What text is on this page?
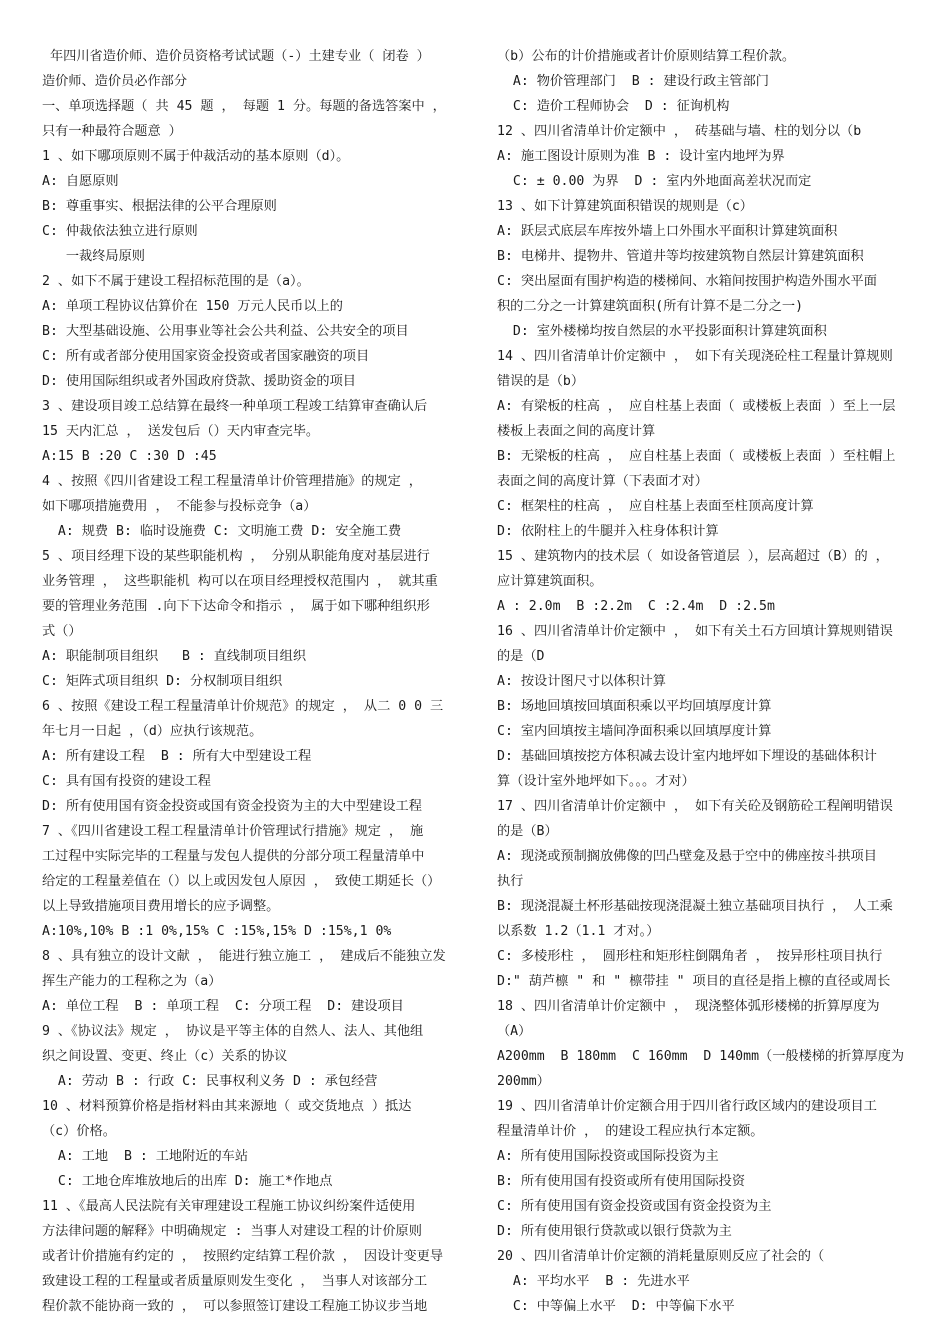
年四川省造价师、造价员资格考试试题（-）土建专业（ 闭卷 ）
造价师、造价员必作部分
一、单项选择题（ 共 45 题 ， 每题 1 分。每题的备选答案中 ，
只有一种最符合题意 ）
1 、如下哪项原则不属于仲裁活动的基本原则（d）。
A: 自愿原则
B: 尊重事实、根据法律的公平合理原则
C: 仲裁依法独立进行原则
一裁终局原则
2 、如下不属于建设工程招标范围的是（a）。
A: 单项工程协议估算价在 150 万元人民币以上的
B: 大型基础设施、公用事业等社会公共利益、公共安全的项目
C: 所有或者部分使用国家资金投资或者国家融资的项目
D: 使用国际组织或者外国政府贷款、援助资金的项目
3 、建设项目竣工总结算在最终一种单项工程竣工结算审查确认后
15 天内汇总 ， 送发包后（）天内审查完毕。
A:15 B :20 C :30 D :45
4 、按照《四川省建设工程工程量清单计价管理措施》的规定 ，
如下哪项措施费用 ， 不能参与投标竞争（a）
A: 规费 B: 临时设施费 C: 文明施工费 D: 安全施工费
5 、项目经理下设的某些职能机构 ， 分别从职能角度对基层进行
业务管理 ， 这些职能机 构可以在项目经理授权范围内 ， 就其重
要的管理业务范围 .向下下达命令和指示 ， 属于如下哪种组织形
式（）
A: 职能制项目组织   B : 直线制项目组织
C: 矩阵式项目组织 D: 分权制项目组织
6 、按照《建设工程工程量清单计价规范》的规定 ， 从二 0 0 三
年七月一日起 ，（d）应执行该规范。
A: 所有建设工程  B : 所有大中型建设工程
C: 具有国有投资的建设工程
D: 所有使用国有资金投资或国有资金投资为主的大中型建设工程
7 、《四川省建设工程工程量清单计价管理试行措施》规定 ， 施
工过程中实际完毕的工程量与发包人提供的分部分项工程量清单中
给定的工程量差值在（）以上或因发包人原因 ， 致使工期延长（）
以上导致措施项目费用增长的应予调整。
A:10%,10% B :1 0%,15% C :15%,15% D :15%,1 0%
8 、具有独立的设计文献 ， 能进行独立施工 ， 建成后不能独立发
挥生产能力的工程称之为（a）
A: 单位工程  B : 单项工程  C: 分项工程  D: 建设项目
9 、《协议法》规定 ， 协议是平等主体的自然人、法人、其他组
织之间设置、变更、终止（c）关系的协议
A: 劳动 B : 行政 C: 民事权利义务 D : 承包经营
10 、材料预算价格是指材料由其来源地（ 或交货地点 ）抵达
（c）价格。
A: 工地  B : 工地附近的车站
C: 工地仓库堆放地后的出库 D: 施工*作地点
11 、《最高人民法院有关审理建设工程施工协议纠纷案件适使用
方法律问题的解释》中明确规定 : 当事人对建设工程的计价原则
或者计价措施有约定的 ， 按照约定结算工程价款 ， 因设计变更导
致建设工程的工程量或者质量原则发生变化 ， 当事人对该部分工
程价款不能协商一致的 ， 可以参照签订建设工程施工协议步当地
（b）公布的计价措施或者计价原则结算工程价款。
A: 物价管理部门  B : 建设行政主管部门
C: 造价工程师协会  D : 征询机构
12 、四川省清单计价定额中 ， 砖基础与墙、柱的划分以（b
A: 施工图设计原则为准 B : 设计室内地坪为界
C: ± 0.00 为界  D : 室内外地面高差状况而定
13 、如下计算建筑面积错误的规则是（c）
A: 跃层式底层车库按外墙上口外围水平面积计算建筑面积
B: 电梯井、提物井、管道井等均按建筑物自然层计算建筑面积
C: 突出屋面有围护构造的楼梯间、水箱间按围护构造外围水平面
积的二分之一计算建筑面积(所有计算不是二分之一)
D: 室外楼梯均按自然层的水平投影面积计算建筑面积
14 、四川省清单计价定额中 ， 如下有关现浇砼柱工程量计算规则
错误的是（b）
A: 有梁板的柱高 ， 应自柱基上表面（ 或楼板上表面 ）至上一层
楼板上表面之间的高度计算
B: 无梁板的柱高 ， 应自柱基上表面（ 或楼板上表面 ）至柱帽上
表面之间的高度计算（下表面才对）
C: 框架柱的柱高 ， 应自柱基上表面至柱顶高度计算
D: 依附柱上的牛腿并入柱身体积计算
15 、建筑物内的技术层（ 如设备管道层 ），层高超过（B）的 ，
应计算建筑面积。
A : 2.0m  B :2.2m  C :2.4m  D :2.5m
16 、四川省清单计价定额中 ， 如下有关土石方回填计算规则错误
的是（D
A: 按设计图尺寸以体积计算
B: 场地回填按回填面积乘以平均回填厚度计算
C: 室内回填按主墙间净面积乘以回填厚度计算
D: 基础回填按挖方体积减去设计室内地坪如下埋设的基础体积计
算（设计室外地坪如下。。。才对）
17 、四川省清单计价定额中 ， 如下有关砼及钢筋砼工程阐明错误
的是（B）
A: 现浇或预制搁放佛像的凹凸壁龛及悬于空中的佛座按斗拱项目
执行
B: 现浇混凝土杯形基础按现浇混凝土独立基础项目执行 ， 人工乘
以系数 1.2（1.1 才对。）
C: 多棱形柱 ， 圆形柱和矩形柱倒隅角者 ， 按异形柱项目执行
D:" 葫芦檩 " 和 " 檩带挂 " 项目的直径是指上檩的直径或周长
18 、四川省清单计价定额中 ， 现浇整体弧形楼梯的折算厚度为
（A）
A200mm  B 180mm  C 160mm  D 140mm（一般楼梯的折算厚度为
200mm）
19 、四川省清单计价定额合用于四川省行政区域内的建设项目工
程量清单计价 ， 的建设工程应执行本定额。
A: 所有使用国际投资或国际投资为主
B: 所有使用国有投资或所有使用国际投资
C: 所有使用国有资金投资或国有资金投资为主
D: 所有使用银行贷款或以银行贷款为主
20 、四川省清单计价定额的消耗量原则反应了社会的（
A: 平均水平  B : 先进水平
C: 中等偏上水平  D: 中等偏下水平
